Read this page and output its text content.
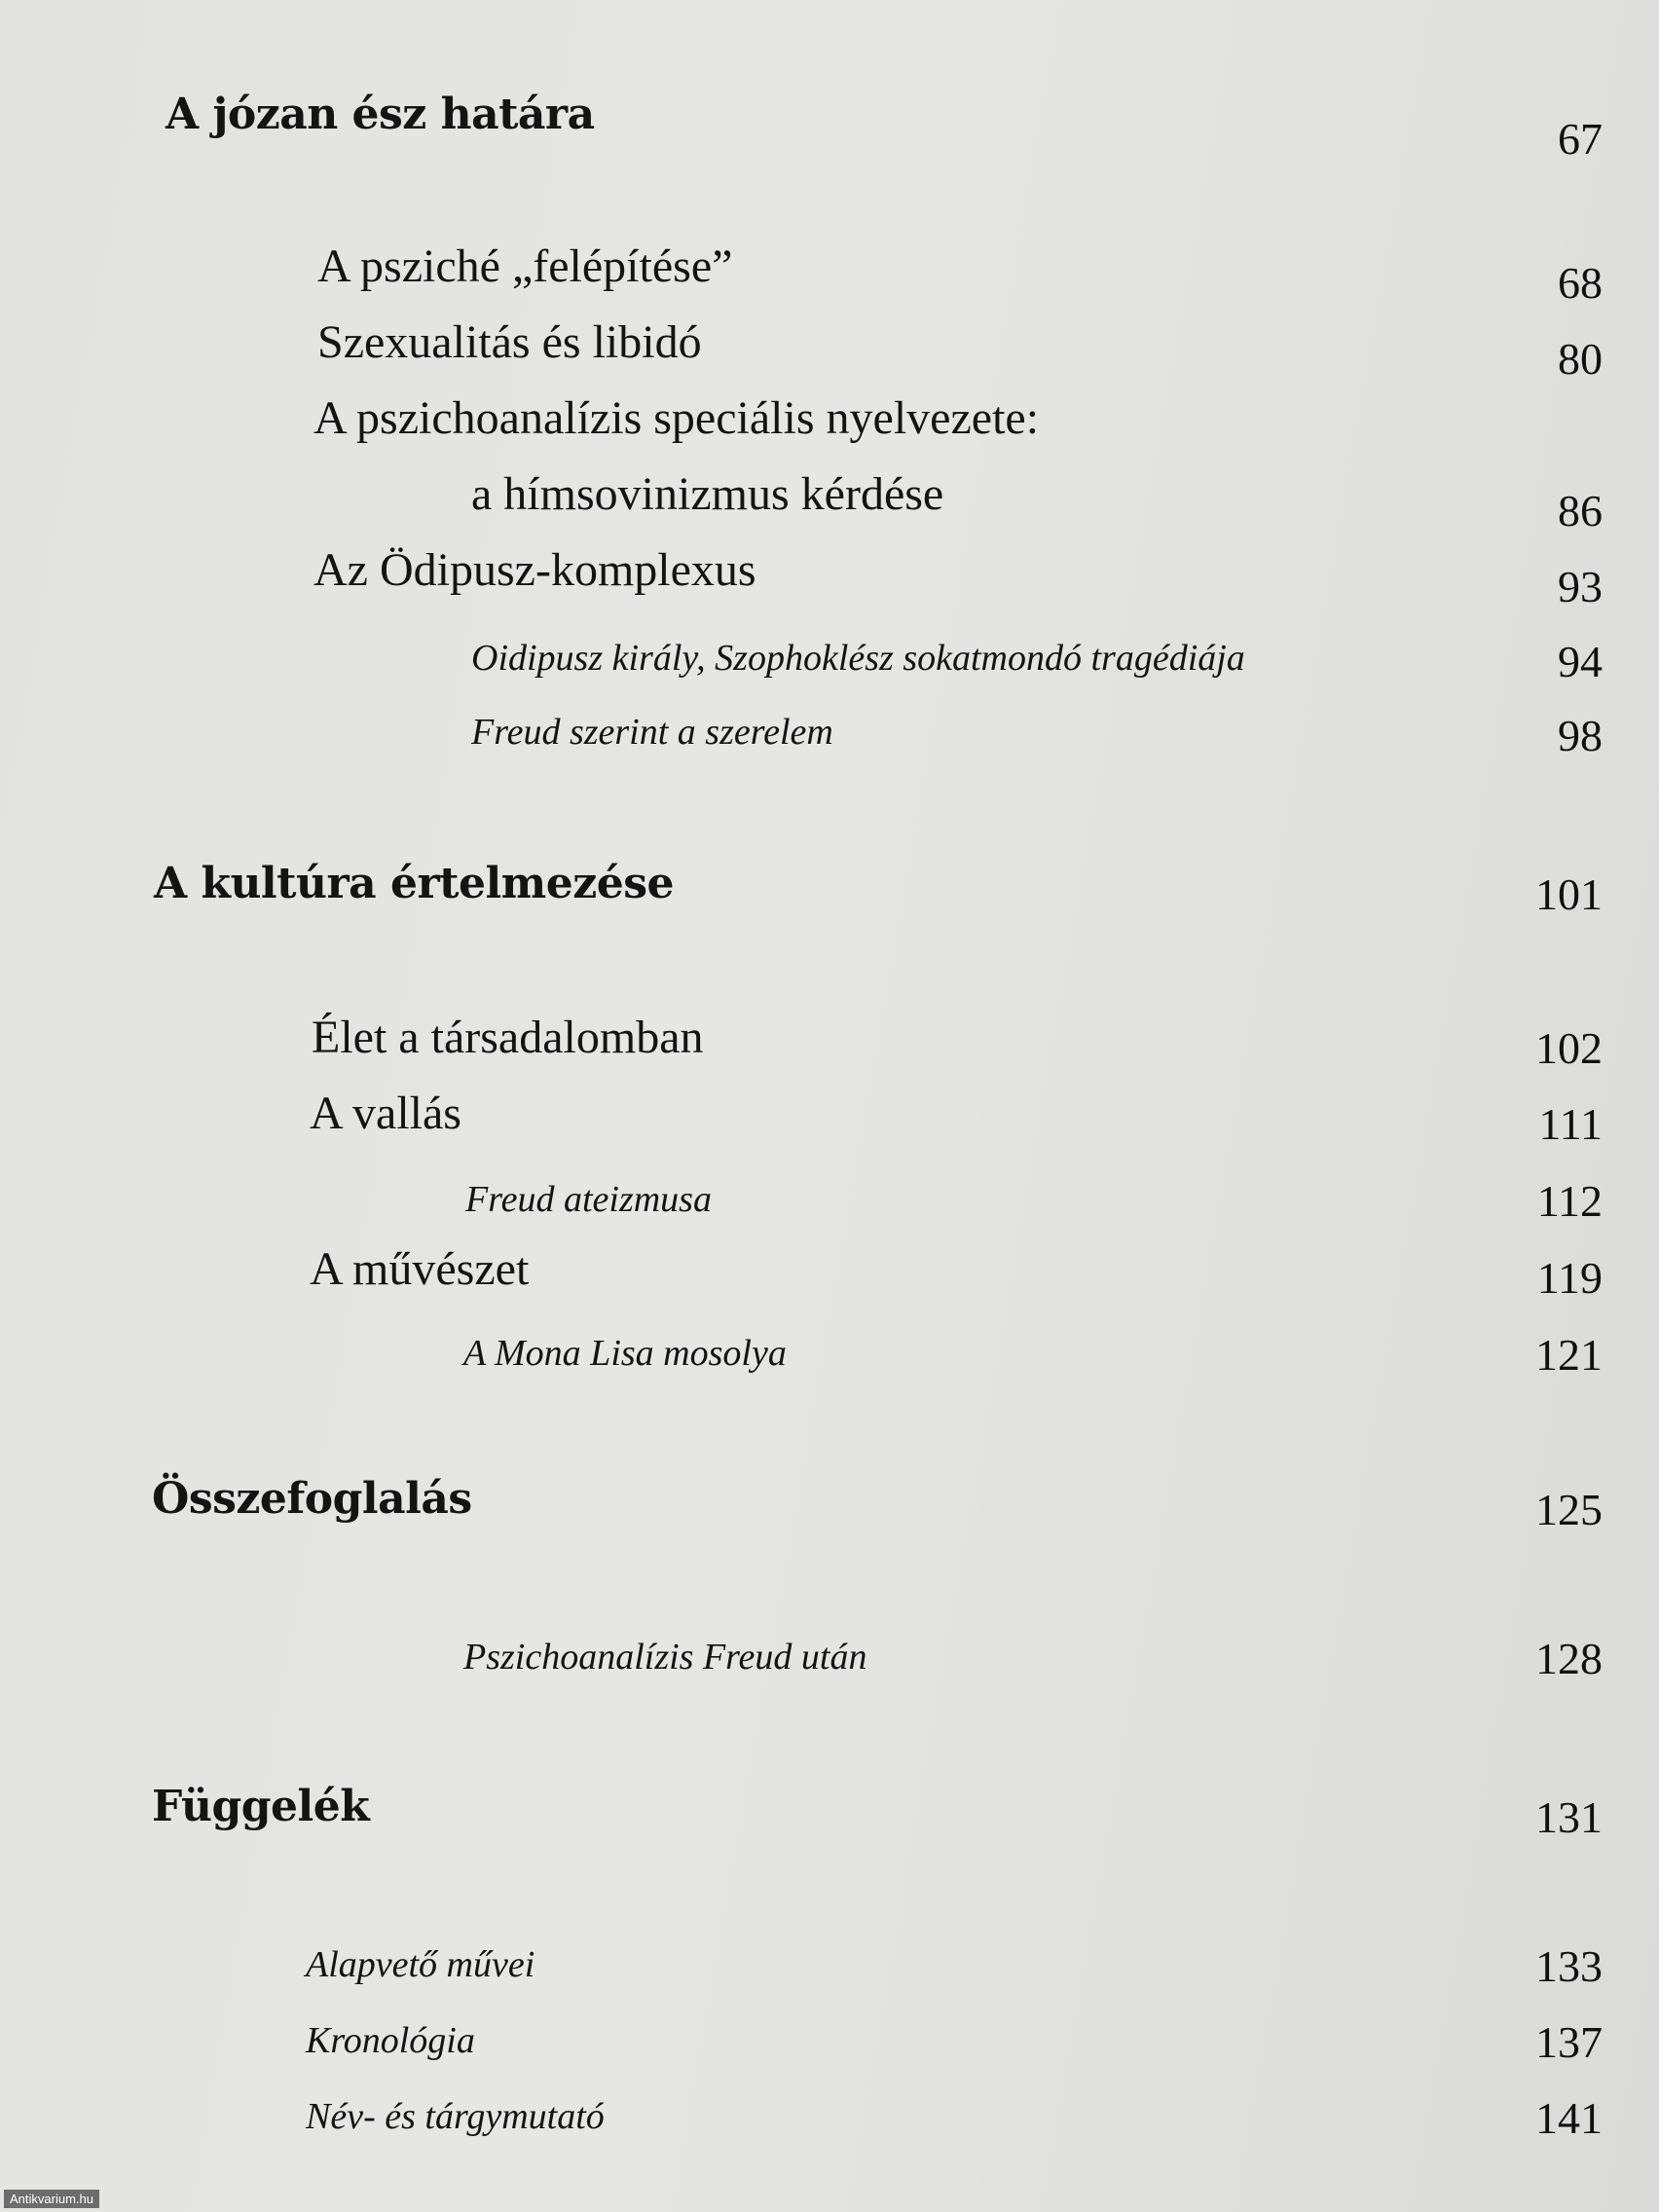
A józan ész határa	67
A psziché „felépítése”	68
Szexualitás és libidó	80
A pszichoanalízis speciális nyelvezete:
a hímsovinizmus kérdése	86
Az Ödipusz-komplexus	93
Oidipusz király, Szophoklész sokatmondó tragédiája	94
Freud szerint a szerelem	98
A kultúra értelmezése	101
Élet a társadalomban	102
A vallás	111
Freud ateizmusa	112
A művészet	119
A Mona Lisa mosolya	121
Összefoglalás	125
Pszichoanalízis Freud után	128
Függelék	131
Alapvető művei	133
Kronológia	137
Név- és tárgymutató	141
Antikvarium.hu
